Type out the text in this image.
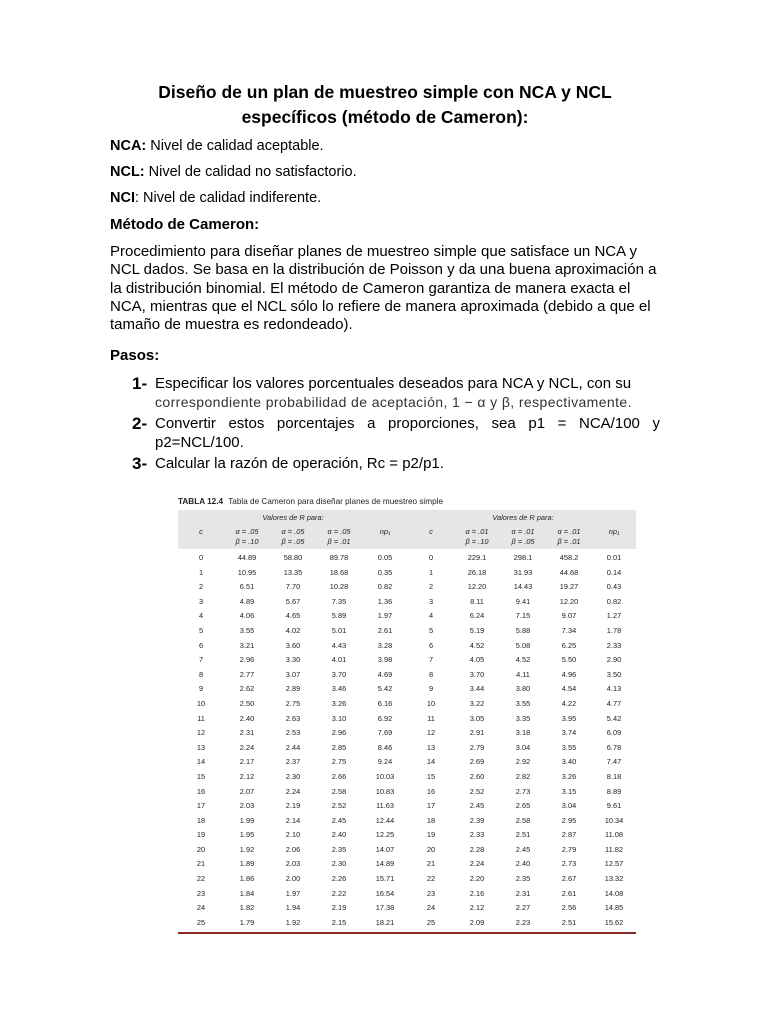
Diseño de un plan de muestreo simple con NCA y NCL
específicos (método de Cameron):

NCA: Nivel de calidad aceptable.

NCL: Nivel de calidad no satisfactorio.

NCI: Nivel de calidad indiferente.

Método de Cameron:

Procedimiento para diseñar planes de muestreo simple que satisface un NCA y NCL dados. Se basa en la distribución de Poisson y da una buena aproximación a la distribución binomial. El método de Cameron garantiza de manera exacta el NCA, mientras que el NCL sólo lo refiere de manera aproximada (debido a que el tamaño de muestra es redondeado).

Pasos:
1- Especificar los valores porcentuales deseados para NCA y NCL, con su
correspondiente probabilidad de aceptación, 1 − α y β, respectivamente.
2- Convertir estos porcentajes a proporciones, sea p1 = NCA/100 y p2=NCL/100.
3- Calcular la razón de operación, Rc = p2/p1.
TABLA 12.4 Tabla de Cameron para diseñar planes de muestreo simple
	Valores de R para:					Valores de R para:			

c	α = .05
β = .10	α = .05
β = .05	α = .05
β = .01	np₁	c	α = .01
β = .10	α = .01
β = .05	α = .01
β = .01	np₁

0	44.89	58.80	89.78	0.05	0	229.1	298.1	458.2	0.01
1	10.95	13.35	18.68	0.35	1	26.18	31.93	44.68	0.14
2	6.51	7.70	10.28	0.82	2	12.20	14.43	19.27	0.43
3	4.89	5.67	7.35	1.36	3	8.11	9.41	12.20	0.82
4	4.06	4.65	5.89	1.97	4	6.24	7.15	9.07	1.27
5	3.55	4.02	5.01	2.61	5	5.19	5.88	7.34	1.78
6	3.21	3.60	4.43	3.28	6	4.52	5.08	6.25	2.33
7	2.96	3.30	4.01	3.98	7	4.05	4.52	5.50	2.90
8	2.77	3.07	3.70	4.69	8	3.70	4.11	4.96	3.50
9	2.62	2.89	3.46	5.42	9	3.44	3.80	4.54	4.13
10	2.50	2.75	3.26	6.16	10	3.22	3.55	4.22	4.77
11	2.40	2.63	3.10	6.92	11	3.05	3.35	3.95	5.42
12	2.31	2.53	2.96	7.69	12	2.91	3.18	3.74	6.09
13	2.24	2.44	2.85	8.46	13	2.79	3.04	3.55	6.78
14	2.17	2.37	2.75	9.24	14	2.69	2.92	3.40	7.47
15	2.12	2.30	2.66	10.03	15	2.60	2.82	3.26	8.18
16	2.07	2.24	2.58	10.83	16	2.52	2.73	3.15	8.89
17	2.03	2.19	2.52	11.63	17	2.45	2.65	3.04	9.61
18	1.99	2.14	2.45	12.44	18	2.39	2.58	2.95	10.34
19	1.95	2.10	2.40	12.25	19	2.33	2.51	2.87	11.08
20	1.92	2.06	2.35	14.07	20	2.28	2.45	2.79	11.82
21	1.89	2.03	2.30	14.89	21	2.24	2.40	2.73	12.57
22	1.86	2.00	2.26	15.71	22	2.20	2.35	2.67	13.32
23	1.84	1.97	2.22	16.54	23	2.16	2.31	2.61	14.08
24	1.82	1.94	2.19	17.38	24	2.12	2.27	2.56	14.85
25	1.79	1.92	2.15	18.21	25	2.09	2.23	2.51	15.62
